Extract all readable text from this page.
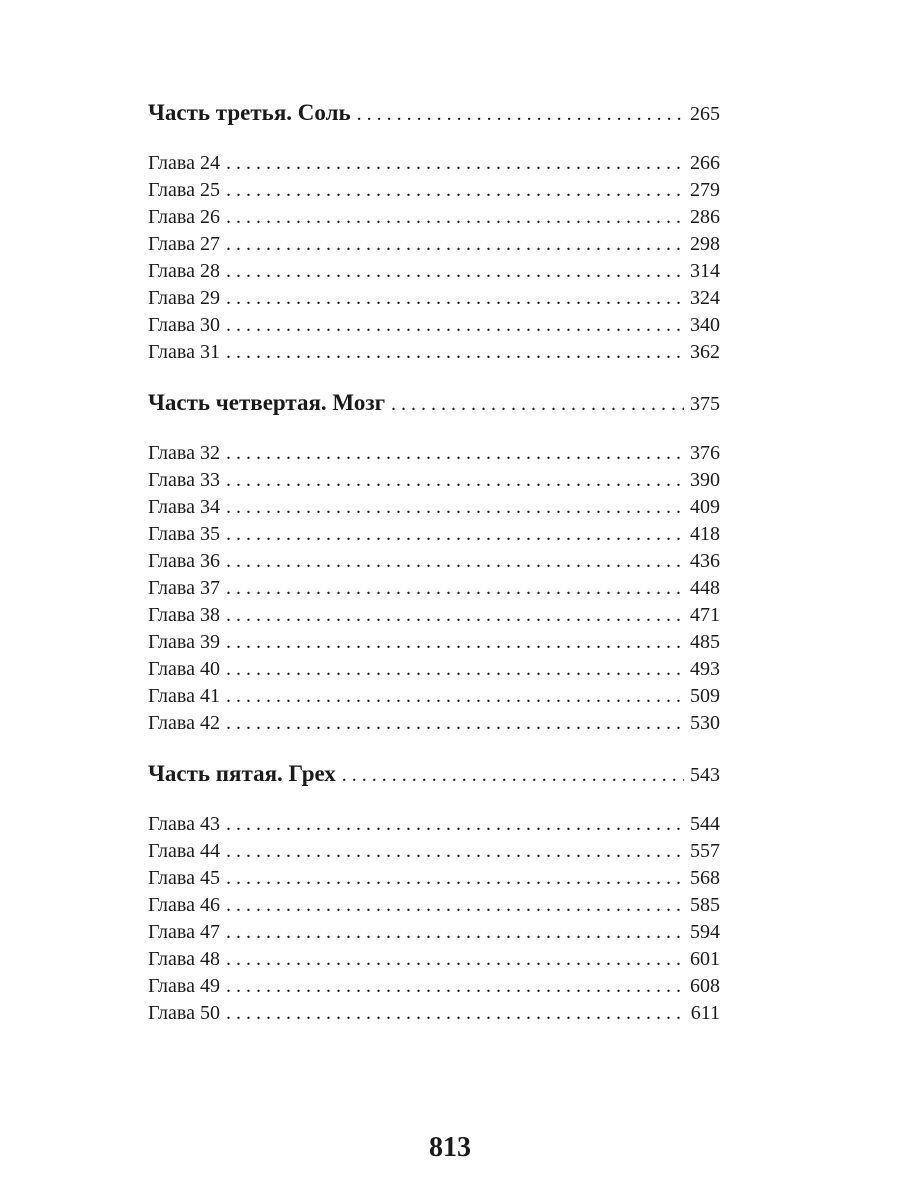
Часть третья. Соль . . .	265
Глава 24 . . .	266
Глава 25 . . .	279
Глава 26 . . .	286
Глава 27 . . .	298
Глава 28 . . .	314
Глава 29 . . .	324
Глава 30 . . .	340
Глава 31 . . .	362
Часть четвертая. Мозг . . .	375
Глава 32 . . .	376
Глава 33 . . .	390
Глава 34 . . .	409
Глава 35 . . .	418
Глава 36 . . .	436
Глава 37 . . .	448
Глава 38 . . .	471
Глава 39 . . .	485
Глава 40 . . .	493
Глава 41 . . .	509
Глава 42 . . .	530
Часть пятая. Грех . . .	543
Глава 43 . . .	544
Глава 44 . . .	557
Глава 45 . . .	568
Глава 46 . . .	585
Глава 47 . . .	594
Глава 48 . . .	601
Глава 49 . . .	608
Глава 50 . . .	611
813
